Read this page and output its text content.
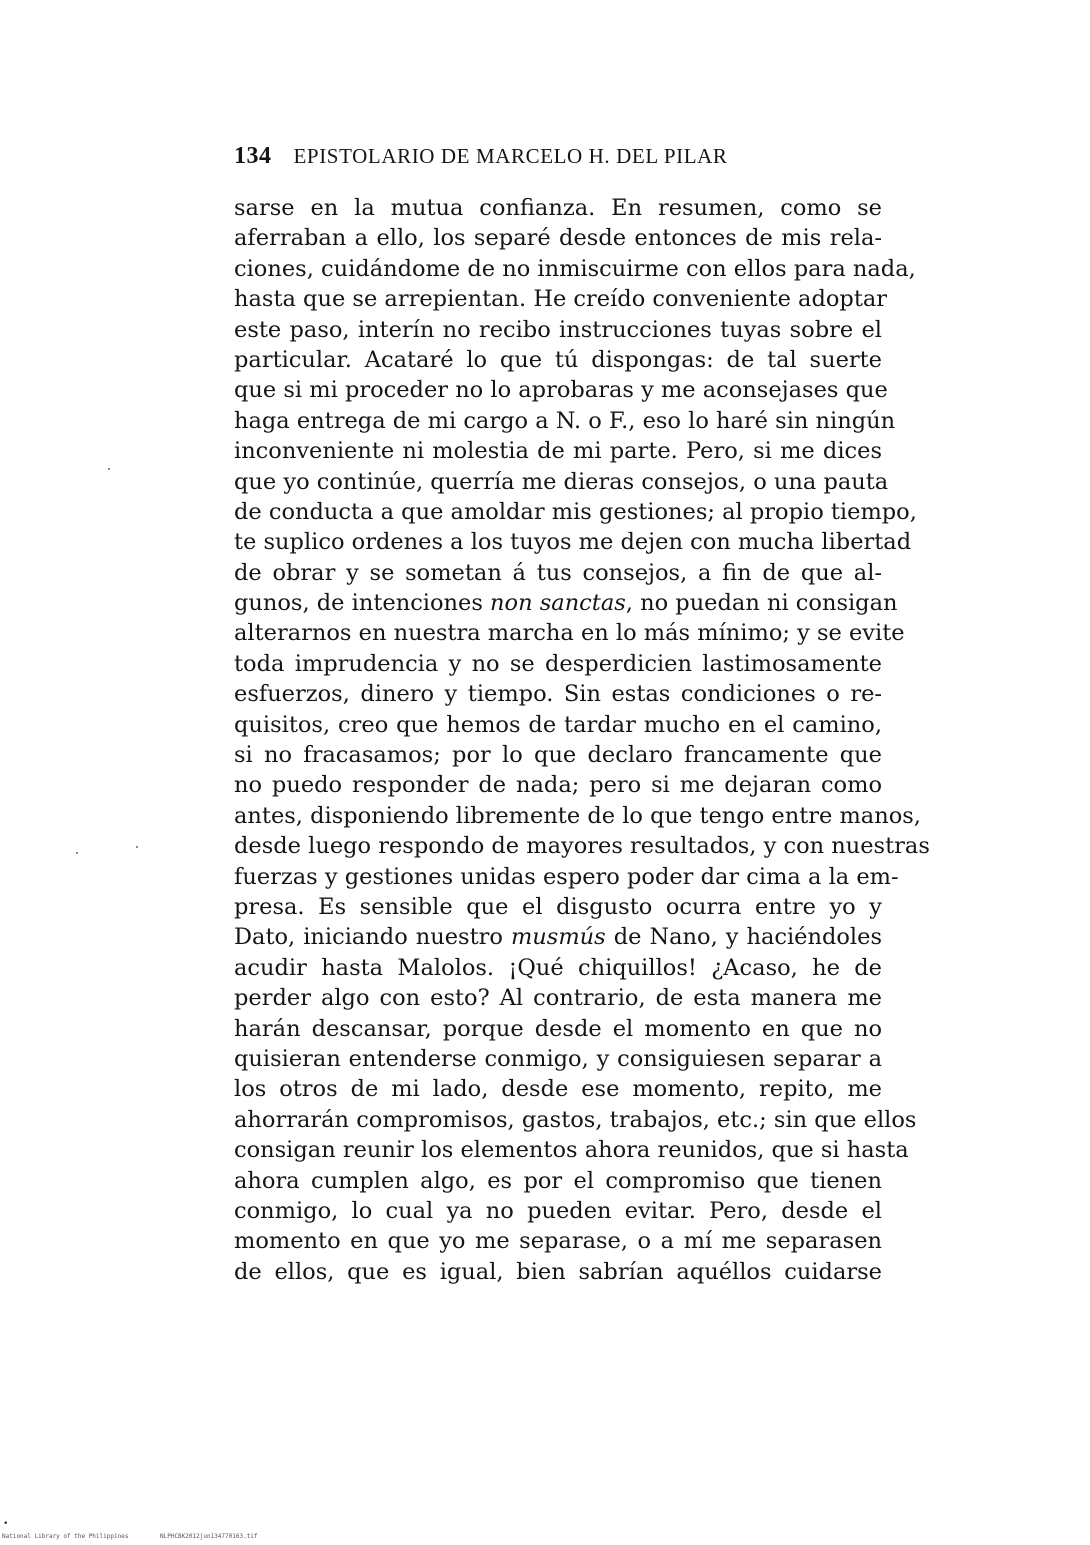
134 EPISTOLARIO DE MARCELO H. DEL PILAR
sarse en la mutua confianza. En resumen, como se
aferraban a ello, los separé desde entonces de mis rela-
ciones, cuidándome de no inmiscuirme con ellos para nada,
hasta que se arrepientan. He creído conveniente adoptar
este paso, interín no recibo instrucciones tuyas sobre el
particular. Acataré lo que tú dispongas: de tal suerte
que si mi proceder no lo aprobaras y me aconsejases que
haga entrega de mi cargo a N. o F., eso lo haré sin ningún
inconveniente ni molestia de mi parte. Pero, si me dices
que yo continúe, querría me dieras consejos, o una pauta
de conducta a que amoldar mis gestiones; al propio tiempo,
te suplico ordenes a los tuyos me dejen con mucha libertad
de obrar y se sometan á tus consejos, a fin de que al-
gunos, de intenciones non sanctas, no puedan ni consigan
alterarnos en nuestra marcha en lo más mínimo; y se evite
toda imprudencia y no se desperdicien lastimosamente
esfuerzos, dinero y tiempo. Sin estas condiciones o re-
quisitos, creo que hemos de tardar mucho en el camino,
si no fracasamos; por lo que declaro francamente que
no puedo responder de nada; pero si me dejaran como
antes, disponiendo libremente de lo que tengo entre manos,
desde luego respondo de mayores resultados, y con nuestras
fuerzas y gestiones unidas espero poder dar cima a la em-
presa. Es sensible que el disgusto ocurra entre yo y
Dato, iniciando nuestro musmús de Nano, y haciéndoles
acudir hasta Malolos. ¡Qué chiquillos! ¿Acaso, he de
perder algo con esto? Al contrario, de esta manera me
harán descansar, porque desde el momento en que no
quisieran entenderse conmigo, y consiguiesen separar a
los otros de mi lado, desde ese momento, repito, me
ahorrarán compromisos, gastos, trabajos, etc.; sin que ellos
consigan reunir los elementos ahora reunidos, que si hasta
ahora cumplen algo, es por el compromiso que tienen
conmigo, lo cual ya no pueden evitar. Pero, desde el
momento en que yo me separase, o a mí me separasen
de ellos, que es igual, bien sabrían aquéllos cuidarse
•
National Library of the Philippines	NLPHCBK2012jun134770163.tif
